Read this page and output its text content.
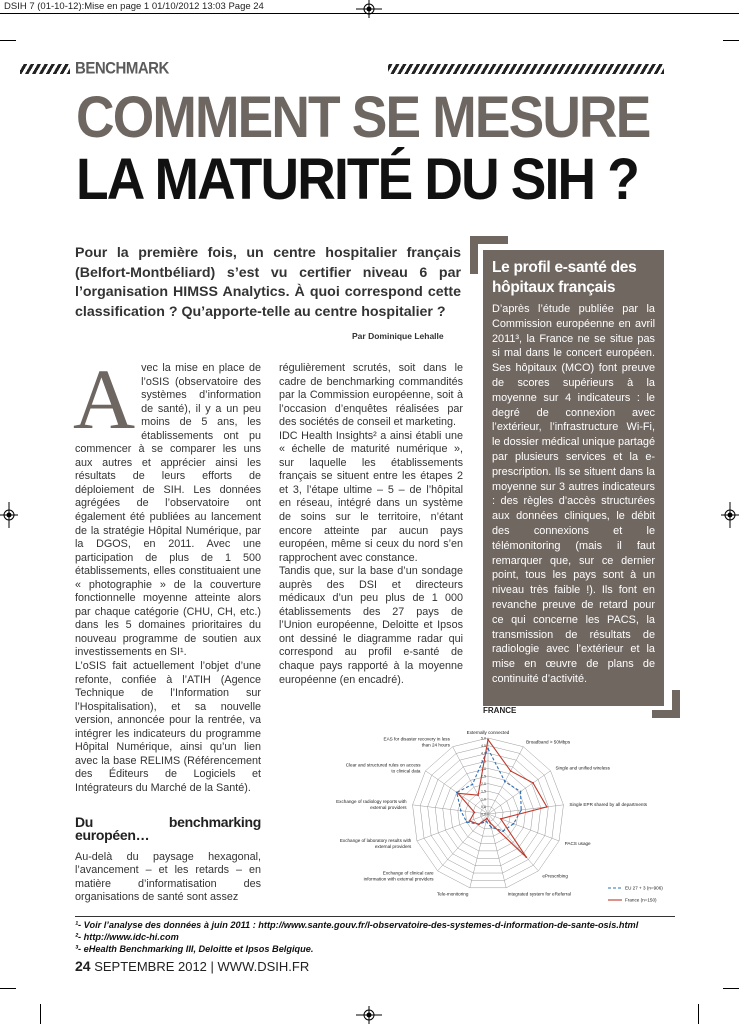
DSIH 7 (01-10-12):Mise en page 1 01/10/2012 13:03 Page 24
BENCHMARK
COMMENT SE MESURE
LA MATURITÉ DU SIH ?
Pour la première fois, un centre hospitalier français (Belfort-Montbéliard) s’est vu certifier niveau 6 par l’organisation HIMSS Analytics. À quoi correspond cette classification ? Qu’apporte-telle au centre hospitalier ?
Par Dominique Lehalle
A vec la mise en place de l’oSIS (observatoire des systèmes d’information de santé), il y a un peu moins de 5 ans, les établissements ont pu commencer à se comparer les uns aux autres et apprécier ainsi les résultats de leurs efforts de déploiement de SIH. Les données agrégées de l’observatoire ont également été publiées au lancement de la stratégie Hôpital Numérique, par la DGOS, en 2011. Avec une participation de plus de 1 500 établissements, elles constituaient une « photographie » de la couverture fonctionnelle moyenne atteinte alors par chaque catégorie (CHU, CH, etc.) dans les 5 domaines prioritaires du nouveau programme de soutien aux investissements en SI¹.

L’oSIS fait actuellement l’objet d’une refonte, confiée à l’ATIH (Agence Technique de l’Information sur l’Hospitalisation), et sa nouvelle version, annoncée pour la rentrée, va intégrer les indicateurs du programme Hôpital Numérique, ainsi qu’un lien avec la base RELIMS (Référencement des Éditeurs de Logiciels et Intégrateurs du Marché de la Santé).

Du benchmarking européen…

Au-delà du paysage hexagonal, l’avancement – et les retards – en matière d’informatisation des organisations de santé sont assez

régulièrement scrutés, soit dans le cadre de benchmarking commandités par la Commission européenne, soit à l’occasion d’enquêtes réalisées par des sociétés de conseil et marketing.

IDC Health Insights² a ainsi établi une « échelle de maturité numérique », sur laquelle les établissements français se situent entre les étapes 2 et 3, l’étape ultime – 5 – de l’hôpital en réseau, intégré dans un système de soins sur le territoire, n’étant encore atteinte par aucun pays européen, même si ceux du nord s’en rapprochent avec constance.

Tandis que, sur la base d’un sondage auprès des DSI et directeurs médicaux d’un peu plus de 1 000 établissements des 27 pays de l’Union européenne, Deloitte et Ipsos ont dessiné le diagramme radar qui correspond au profil e-santé de chaque pays rapporté à la moyenne européenne (en encadré).

Le profil e-santé des hôpitaux français
D’après l’étude publiée par la Commission européenne en avril 2011³, la France ne se situe pas si mal dans le concert européen. Ses hôpitaux (MCO) font preuve de scores supérieurs à la moyenne sur 4 indicateurs : le degré de connexion avec l’extérieur, l’infrastructure Wi-Fi, le dossier médical unique partagé par plusieurs services et la e-prescription. Ils se situent dans la moyenne sur 3 autres indicateurs : des règles d’accès structurées aux données cliniques, le débit des connexions et le télémonitoring (mais il faut remarquer que, sur ce dernier point, tous les pays sont à un niveau très faible !). Ils font en revanche preuve de retard pour ce qui concerne les PACS, la transmission de résultats de radiologie avec l’extérieur et la mise en œuvre de plans de continuité d’activité.
FRANCE
Externally connected
Broadband > 50Mbps
Single and unified wireless
Single EPR shared by all departments
PACS usage
ePrescribing
Integrated system for eReferral
Tele-monitoring
Exchange of clinical care information with external providers
Exchange of laboratory results with external providers
Exchange of radiology reports with external providers
Clear and structured rules on access to clinical data
EAS for disaster recovery in less than 24 hours
0,0
0,5
1,0
1,5
2,0
2,5
3,0
3,5
4,0
4,5
5,0
EU 27 + 3 (n=906)
France (n=150)
¹- Voir l’analyse des données à juin 2011 : http://www.sante.gouv.fr/l-observatoire-des-systemes-d-information-de-sante-osis.html
²- http://www.idc-hi.com
³- eHealth Benchmarking III, Deloitte et Ipsos Belgique.
24 SEPTEMBRE 2012 | WWW.DSIH.FR
